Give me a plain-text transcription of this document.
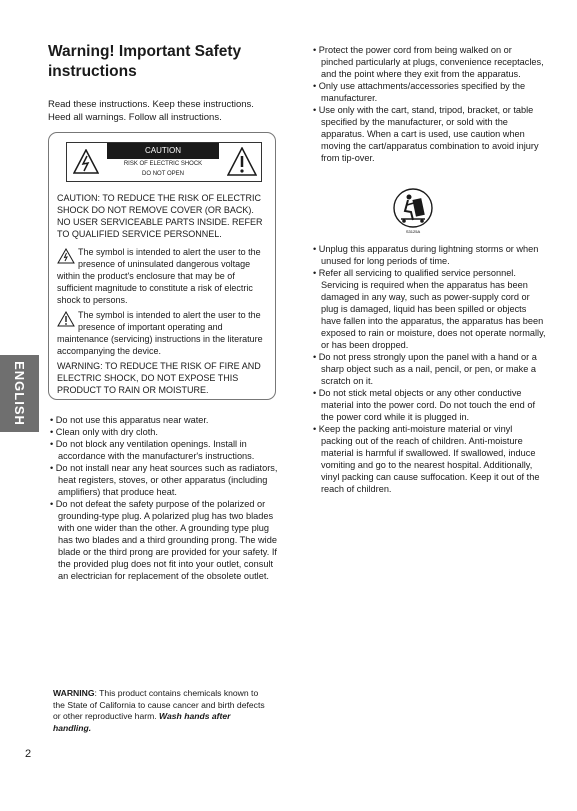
ENGLISH
Warning! Important Safety instructions
Read these instructions. Keep these instructions. Heed all warnings. Follow all instructions.
CAUTION
RISK OF ELECTRIC SHOCK
DO NOT OPEN
CAUTION: TO REDUCE THE RISK OF ELECTRIC SHOCK DO NOT REMOVE COVER (OR BACK). NO USER SERVICEABLE PARTS INSIDE. REFER TO QUALIFIED SERVICE PERSONNEL.
The symbol is intended to alert the user to the presence of uninsulated dangerous voltage within the product's enclosure that may be of sufficient magnitude to constitute a risk of electric shock to persons.
The symbol is intended to alert the user to the presence of important operating and maintenance (servicing) instructions in the literature accompanying the device.
WARNING: TO REDUCE THE RISK OF FIRE AND ELECTRIC SHOCK, DO NOT EXPOSE THIS PRODUCT TO RAIN OR MOISTURE.

• Do not use this apparatus near water.

• Clean only with dry cloth.

• Do not block any ventilation openings. Install in accordance with the manufacturer's instructions.

• Do not install near any heat sources such as radiators, heat registers, stoves, or other apparatus (including amplifiers) that produce heat.

• Do not defeat the safety purpose of the polarized or grounding-type plug. A polarized plug has two blades with one wider than the other. A grounding type plug has two blades and a third grounding prong. The wide blade or the third prong are provided for your safety. If the provided plug does not fit into your outlet, consult an electrician for replacement of the obsolete outlet.

• Protect the power cord from being walked on or pinched particularly at plugs, convenience receptacles, and the point where they exit from the apparatus.

• Only use attachments/accessories specified by the manufacturer.

• Use only with the cart, stand, tripod, bracket, or table specified by the manufacturer, or sold with the apparatus. When a cart is used, use caution when moving the cart/apparatus combination to avoid injury from tip-over.

S3125A

• Unplug this apparatus during lightning storms or when unused for long periods of time.

• Refer all servicing to qualified service personnel. Servicing is required when the apparatus has been damaged in any way, such as power-supply cord or plug is damaged, liquid has been spilled or objects have fallen into the apparatus, the apparatus has been exposed to rain or moisture, does not operate normally, or has been dropped.

• Do not press strongly upon the panel with a hand or a sharp object such as a nail, pencil, or pen, or make a scratch on it.

• Do not stick metal objects or any other conductive material into the power cord. Do not touch the end of the power cord while it is plugged in.

• Keep the packing anti-moisture material or vinyl packing out of the reach of children. Anti-moisture material is harmful if swallowed. If swallowed, induce vomiting and go to the nearest hospital. Additionally, vinyl packing can cause suffocation. Keep it out of the reach of children.

WARNING: This product contains chemicals known to the State of California to cause cancer and birth defects or other reproductive harm. Wash hands after handling.
2
